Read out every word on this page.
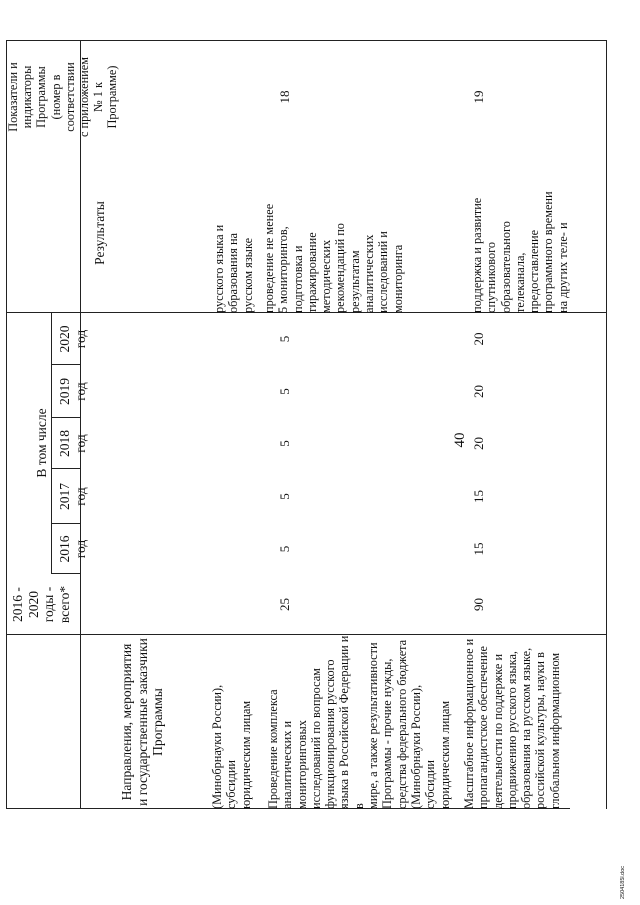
40
Направления, мероприятия
и государственные заказчики
Программы
2016 -
2020
годы -
всего*
В том числе
2016
год
2017
год
2018
год
2019
год
2020
год
Результаты
Показатели и
индикаторы
Программы
(номер в
соответствии
с приложением
№ 1 к
Программе)
(Минобрнауки России), субсидии
юридическим лицам
русского языка и
образования на
русском языке
Проведение комплекса
аналитических и мониторинговых
исследований по вопросам
функционирования русского
языка в Российской Федерации и в
мире, а также результативности
Программы - прочие нужды,
средства федерального бюджета
(Минобрнауки России), субсидии
юридическим лицам
25
5
5
5
5
5
проведение не менее
5 мониторингов,
подготовка и
тиражирование
методических
рекомендаций по
результатам
аналитических
исследований и
мониторинга
18
Масштабное информационное и
пропагандистское обеспечение
деятельности по поддержке и
продвижению русского языка,
образования на русском языке,
российской культуры, науки в
глобальном информационном
90
15
15
20
20
20
поддержка и развитие
спутникового
образовательного
телеканала,
предоставление
программного времени
на других теле- и
19
2504185l.doc
